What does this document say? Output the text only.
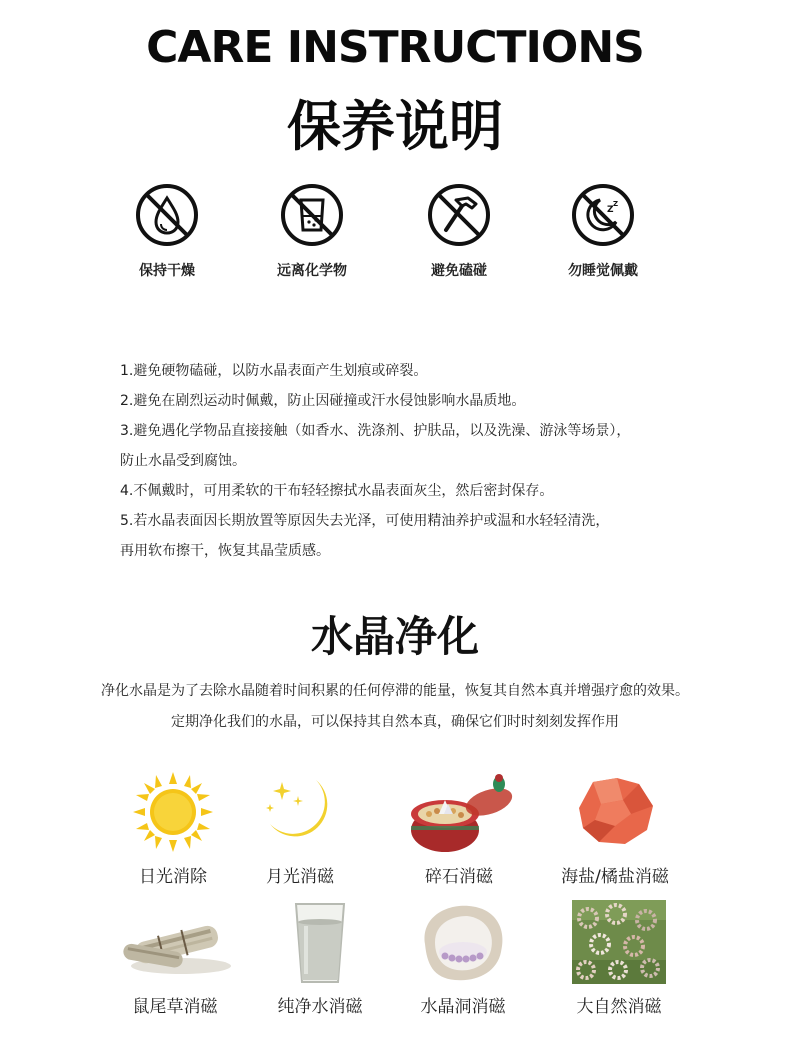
CARE INSTRUCTIONS
保养说明
保持干燥	远离化学物	避免磕碰
Z
Z
勿睡觉佩戴

1.避免硬物磕碰，以防水晶表面产生划痕或碎裂。

2.避免在剧烈运动时佩戴，防止因碰撞或汗水侵蚀影响水晶质地。

3.避免遇化学物品直接接触（如香水、洗涤剂、护肤品，以及洗澡、游泳等场景），

防止水晶受到腐蚀。

4.不佩戴时，可用柔软的干布轻轻擦拭水晶表面灰尘，然后密封保存。

5.若水晶表面因长期放置等原因失去光泽，可使用精油养护或温和水轻轻清洗，

再用软布擦干，恢复其晶莹质感。

水晶净化

净化水晶是为了去除水晶随着时间积累的任何停滞的能量，恢复其自然本真并增强疗愈的效果。

定期净化我们的水晶，可以保持其自然本真，确保它们时时刻刻发挥作用

日光消除	月光消磁	碎石消磁	海盐/橘盐消磁
鼠尾草消磁	纯净水消磁	水晶洞消磁	大自然消磁
